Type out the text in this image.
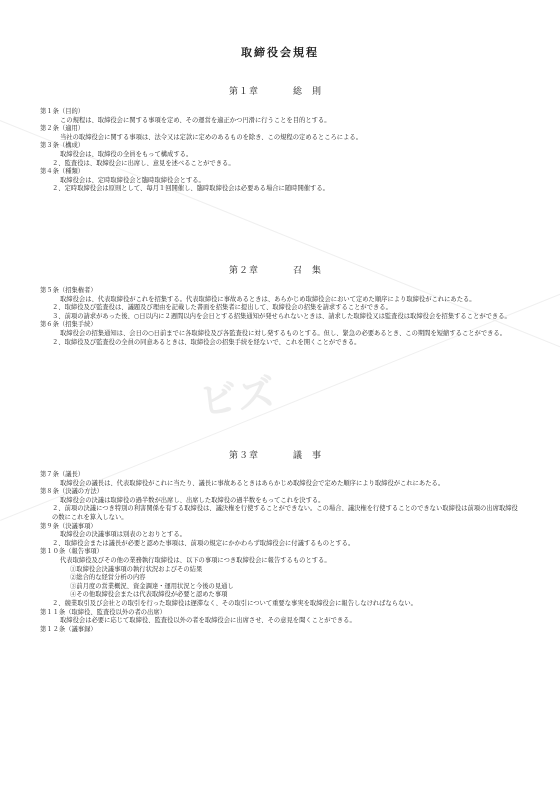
ビズ
取締役会規程
第１章	総則
第１条（目的）
この規程は、取締役会に関する事項を定め、その運営を適正かつ円滑に行うことを目的とする。
第２条（適用）
当社の取締役会に関する事項は、法令又は定款に定めのあるものを除き、この規程の定めるところによる。
第３条（構成）
取締役会は、取締役の全員をもって構成する。
２、監査役は、取締役会に出席し、意見を述べることができる。
第４条（種類）
取締役会は、定時取締役会と臨時取締役会とする。
２、定時取締役会は原則として、毎月１回開催し、臨時取締役会は必要ある場合に随時開催する。
第２章	召集
第５条（招集権者）
取締役会は、代表取締役がこれを招集する。代表取締役に事故あるときは、あらかじめ取締役会において定めた順序により取締役がこれにあたる。
２、取締役及び監査役は、議題及び理由を記載した書面を招集者に提出して、取締役会の招集を請求することができる。
３、前項の請求があった後、○日以内に２週間以内を会日とする招集通知が発せられないときは、請求した取締役又は監査役は取締役会を招集することができる。
第６条（招集手続）
取締役会の招集通知は、会日の○日前までに各取締役及び各監査役に対し発するものとする。但し、緊急の必要あるとき、この期間を短縮することができる。
２、取締役及び監査役の全員の同意あるときは、取締役会の招集手続を経ないで、これを開くことができる。
第３章	議事
第７条（議長）
取締役会の議長は、代表取締役がこれに当たり、議長に事故あるときはあらかじめ取締役会で定めた順序により取締役がこれにあたる。
第８条（決議の方法）
取締役会の決議は取締役の過半数が出席し、出席した取締役の過半数をもってこれを決する。
２、前項の決議につき特別の利害関係を有する取締役は、議決権を行使することができない。この場合、議決権を行使することのできない取締役は前項の出席取締役の数にこれを算入しない。
第９条（決議事項）
取締役会の決議事項は別表のとおりとする。
２、取締役会または議長が必要と認めた事項は、前項の規定にかかわらず取締役会に付議するものとする。
第１０条（報告事項）
代表取締役及びその他の業務執行取締役は、以下の事項につき取締役会に報告するものとする。
①取締役会決議事項の執行状況およびその結果
②総合的な経営分析の内容
③前月度の営業概況、資金調達・運用状況と今後の見通し
④その他取締役会または代表取締役が必要と認めた事項
２、競業取引及び会社との取引を行った取締役は遅滞なく、その取引について重要な事実を取締役会に報告しなければならない。
第１１条（取締役、監査役以外の者の出席）
取締役会は必要に応じて取締役、監査役以外の者を取締役会に出席させ、その意見を聞くことができる。
第１２条（議事録）
